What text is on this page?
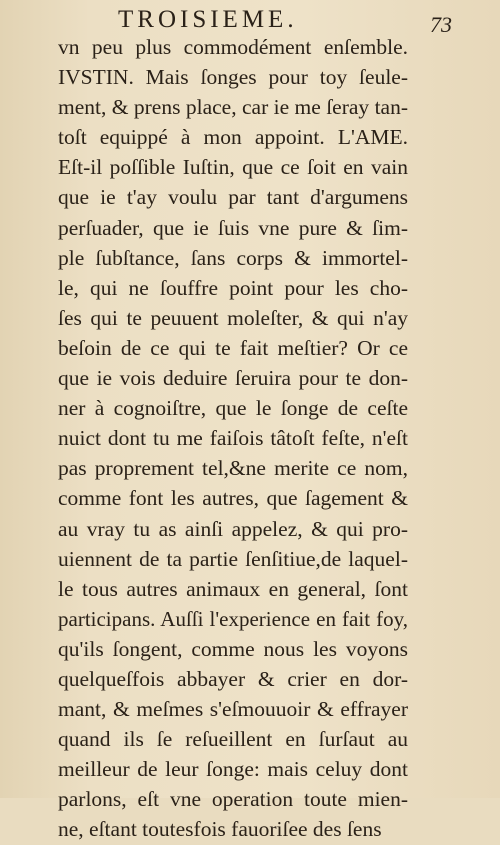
TROISIEME.	73
vn peu plus commodément enſemble.
IVSTIN. Mais ſonges pour toy ſeule-
ment, & prens place, car ie me ſeray tan-
toſt equippé à mon appoint. L'AME.
Eſt-il poſſible Iuſtin, que ce ſoit en vain
que ie t'ay voulu par tant d'argumens
perſuader, que ie ſuis vne pure & ſim-
ple ſubſtance, ſans corps & immortel-
le, qui ne ſouffre point pour les cho-
ſes qui te peuuent moleſter, & qui n'ay
beſoin de ce qui te fait meſtier? Or ce
que ie vois deduire ſeruira pour te don-
ner à cognoiſtre, que le ſonge de ceſte
nuict dont tu me faiſois tâtoſt feſte, n'eſt
pas proprement tel,&ne merite ce nom,
comme font les autres, que ſagement &
au vray tu as ainſi appelez, & qui pro-
uiennent de ta partie ſenſitiue,de laquel-
le tous autres animaux en general, ſont
participans. Auſſi l'experience en fait foy,
qu'ils ſongent, comme nous les voyons
quelqueſfois abbayer & crier en dor-
mant, & meſmes s'eſmouuoir & effrayer
quand ils ſe reſueillent en ſurſaut au
meilleur de leur ſonge: mais celuy dont
parlons, eſt vne operation toute mien-
ne, eſtant toutesfois fauoriſee des ſens
